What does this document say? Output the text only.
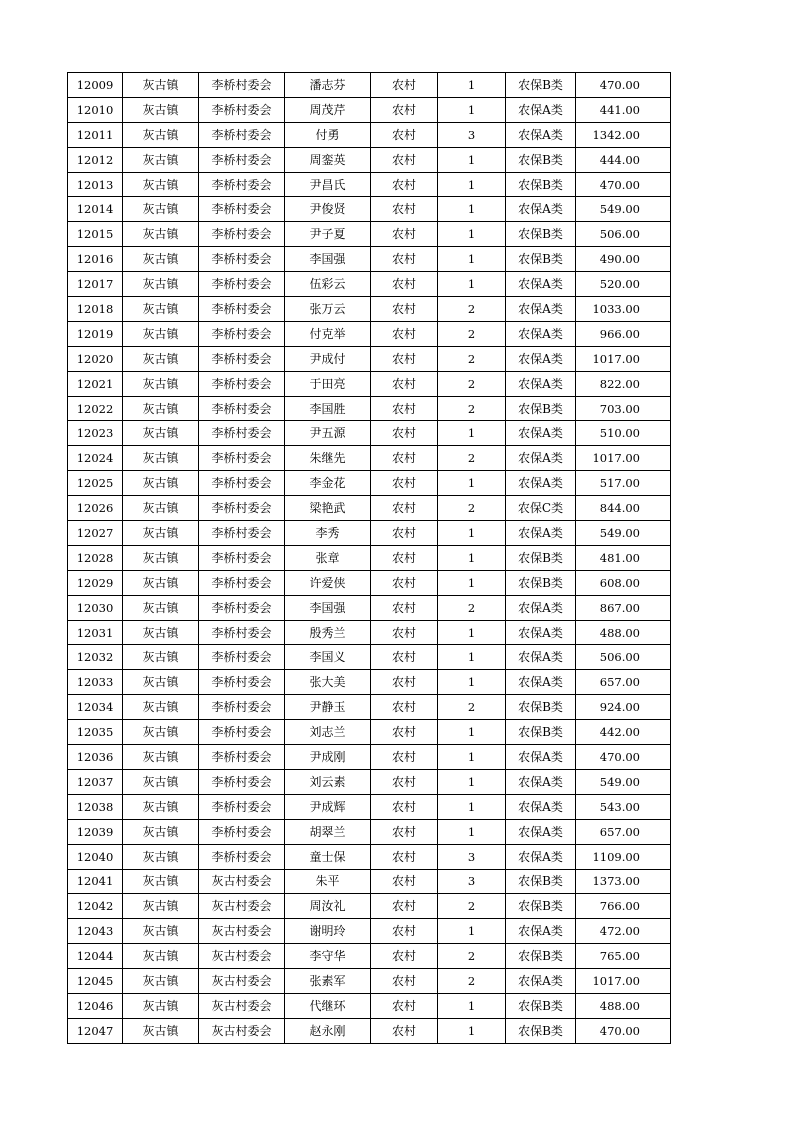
12009	灰古镇	李桥村委会	潘志芬	农村	1	农保B类	470.00
12010	灰古镇	李桥村委会	周茂芹	农村	1	农保A类	441.00
12011	灰古镇	李桥村委会	付勇	农村	3	农保A类	1342.00
12012	灰古镇	李桥村委会	周銮英	农村	1	农保B类	444.00
12013	灰古镇	李桥村委会	尹昌氏	农村	1	农保B类	470.00
12014	灰古镇	李桥村委会	尹俊贤	农村	1	农保A类	549.00
12015	灰古镇	李桥村委会	尹子夏	农村	1	农保B类	506.00
12016	灰古镇	李桥村委会	李国强	农村	1	农保B类	490.00
12017	灰古镇	李桥村委会	伍彩云	农村	1	农保A类	520.00
12018	灰古镇	李桥村委会	张万云	农村	2	农保A类	1033.00
12019	灰古镇	李桥村委会	付克举	农村	2	农保A类	966.00
12020	灰古镇	李桥村委会	尹成付	农村	2	农保A类	1017.00
12021	灰古镇	李桥村委会	于田亮	农村	2	农保A类	822.00
12022	灰古镇	李桥村委会	李国胜	农村	2	农保B类	703.00
12023	灰古镇	李桥村委会	尹五源	农村	1	农保A类	510.00
12024	灰古镇	李桥村委会	朱继先	农村	2	农保A类	1017.00
12025	灰古镇	李桥村委会	李金花	农村	1	农保A类	517.00
12026	灰古镇	李桥村委会	梁艳武	农村	2	农保C类	844.00
12027	灰古镇	李桥村委会	李秀	农村	1	农保A类	549.00
12028	灰古镇	李桥村委会	张章	农村	1	农保B类	481.00
12029	灰古镇	李桥村委会	许爱侠	农村	1	农保B类	608.00
12030	灰古镇	李桥村委会	李国强	农村	2	农保A类	867.00
12031	灰古镇	李桥村委会	殷秀兰	农村	1	农保A类	488.00
12032	灰古镇	李桥村委会	李国义	农村	1	农保A类	506.00
12033	灰古镇	李桥村委会	张大美	农村	1	农保A类	657.00
12034	灰古镇	李桥村委会	尹静玉	农村	2	农保B类	924.00
12035	灰古镇	李桥村委会	刘志兰	农村	1	农保B类	442.00
12036	灰古镇	李桥村委会	尹成刚	农村	1	农保A类	470.00
12037	灰古镇	李桥村委会	刘云素	农村	1	农保A类	549.00
12038	灰古镇	李桥村委会	尹成辉	农村	1	农保A类	543.00
12039	灰古镇	李桥村委会	胡翠兰	农村	1	农保A类	657.00
12040	灰古镇	李桥村委会	童士保	农村	3	农保A类	1109.00
12041	灰古镇	灰古村委会	朱平	农村	3	农保B类	1373.00
12042	灰古镇	灰古村委会	周汝礼	农村	2	农保B类	766.00
12043	灰古镇	灰古村委会	谢明玲	农村	1	农保A类	472.00
12044	灰古镇	灰古村委会	李守华	农村	2	农保B类	765.00
12045	灰古镇	灰古村委会	张素军	农村	2	农保A类	1017.00
12046	灰古镇	灰古村委会	代继环	农村	1	农保B类	488.00
12047	灰古镇	灰古村委会	赵永刚	农村	1	农保B类	470.00
